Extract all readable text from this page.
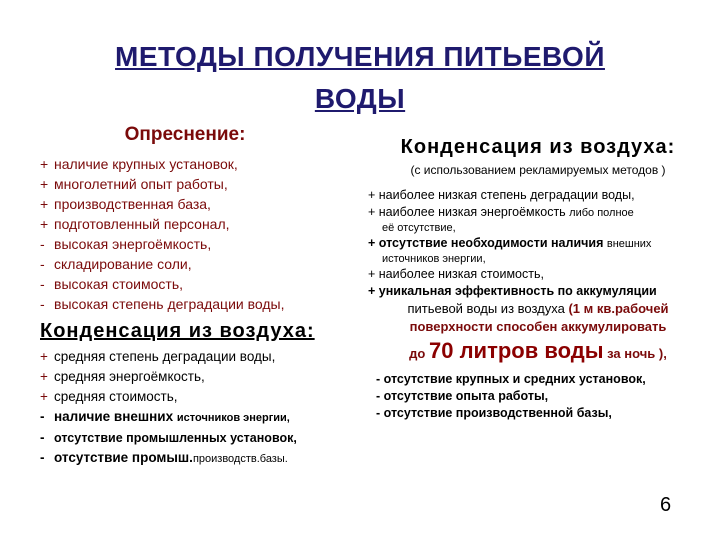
МЕТОДЫ ПОЛУЧЕНИЯ ПИТЬЕВОЙ
ВОДЫ
Опреснение:
+ наличие крупных установок,
+ многолетний опыт работы,
+ производственная база,
+ подготовленный персонал,
- высокая энергоёмкость,
- складирование соли,
- высокая стоимость,
- высокая степень деградации воды,
Конденсация из воздуха:
+ средняя степень деградации воды,
+ средняя энергоёмкость,
+ средняя стоимость,
- наличие внешних источников энергии,
- отсутствие промышленных установок,
- отсутствие промыш.производств.базы.
Конденсация из воздуха:
(с использованием рекламируемых методов )
+ наиболее низкая степень деградации воды,
+ наиболее низкая энергоёмкость либо полное
её отсутствие,
+ отсутствие необходимости наличия внешних
источников энергии,
+ наиболее низкая стоимость,
+ уникальная эффективность по аккумуляции
питьевой воды из воздуха (1 м кв.рабочей
поверхности способен аккумулировать
до 70 литров воды за ночь ),
- отсутствие крупных и средних установок,
- отсутствие опыта работы,
- отсутствие производственной базы,
6
